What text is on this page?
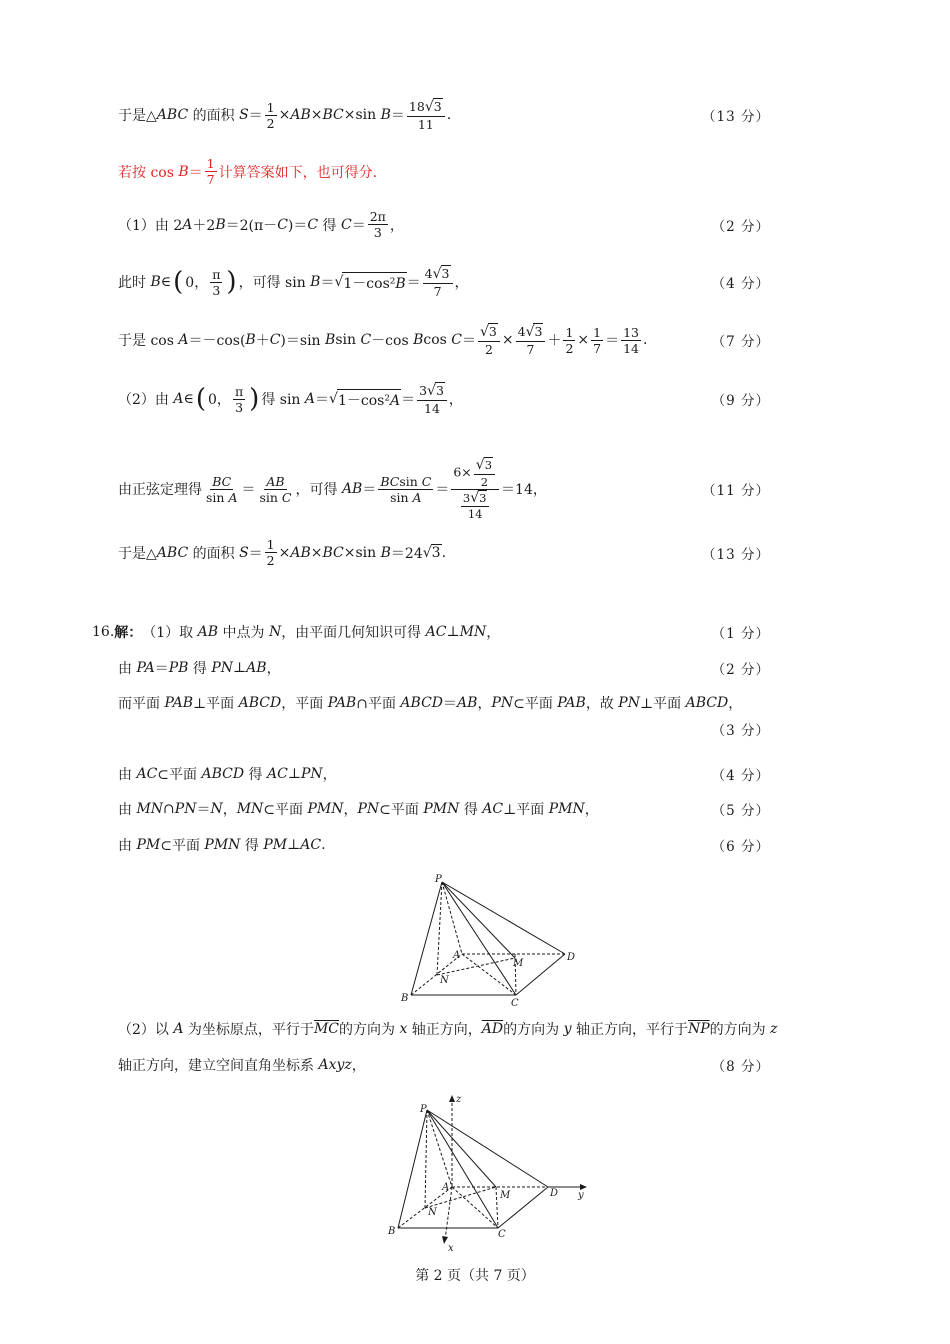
于是△ ABC 的面积 $S = \frac{1}{2}$ × AB × BC ×sin $B = \frac{18√3}{11}$ .	（13 分）
若按 $\cos B = \frac{1}{7}$ 计算答案如下，也可得分.
（1）由 2 A ＋2 B ＝2(π－ C )＝ C 得 $C = \frac{2\pi}{3}$ ，	（2 分）
此时 B ∈ ( 0， $\frac{\pi}{3}$ ) ，可得 sin B ＝ √ $1-\cos^2B = \frac{4√3}{7}$ ，	（4 分）
于是 cos A ＝－cos( B ＋ C )＝sin B sin C －cos B $\cos C = \frac{√3}{2} \times \frac{4√3}{7} + \frac{1}{2} \times \frac{1}{7} = \frac{13}{14}$ .	（7 分）
（2）由 A ∈ ( 0， $\frac{\pi}{3}$ ) 得 sin A ＝ √ $1-\cos^2A = \frac{3√3}{14}$ ，	（9 分）
由正弦定理得 $\frac{BC}{\text{sin A}} = \frac{AB}{\text{sin C}}$ ，可得 AB ＝ $\frac{\text{BCsin C}}{\text{sin A}} = \frac{6\times \frac{√3}{2}}{\frac{3√3}{14}} =14$，	（11 分）
于是△ ABC 的面积 $S = \frac{1}{2}$ × AB × BC ×sin B ＝24 √ 3 .	（13 分）
16. 解： （1）取 AB 中点为 N ，由平面几何知识可得 AC ⊥ MN ，	（1 分）
由 PA ＝ PB 得 PN ⊥ AB ，	（2 分）
而平面 PAB ⊥平面 ABCD ，平面 PAB ∩平面 ABCD ＝ AB ， PN ⊂平面 PAB ，故 PN ⊥平面 ABCD ，
（3 分）
由 AC ⊂平面 ABCD 得 AC ⊥ PN ，	（4 分）
由 MN ∩ PN ＝ N ， MN ⊂平面 PMN ， PN ⊂平面 PMN 得 AC ⊥平面 PMN ，	（5 分）
由 PM ⊂平面 PMN 得 PM ⊥ AC .	（6 分）
P
A
M
D
N
B	C
（2）以 A 为坐标原点，平行于 $\overline{MC}$ 的方向为 x 轴正方向， $\overline{AD}$ 的方向为 y 轴正方向，平行于 $\overline{NP}$ 的方向为 z
轴正方向，建立空间直角坐标系 Axyz ，	（8 分）
P
z
A
M	D y
N
B	C
x
第 2 页（共 7 页）
